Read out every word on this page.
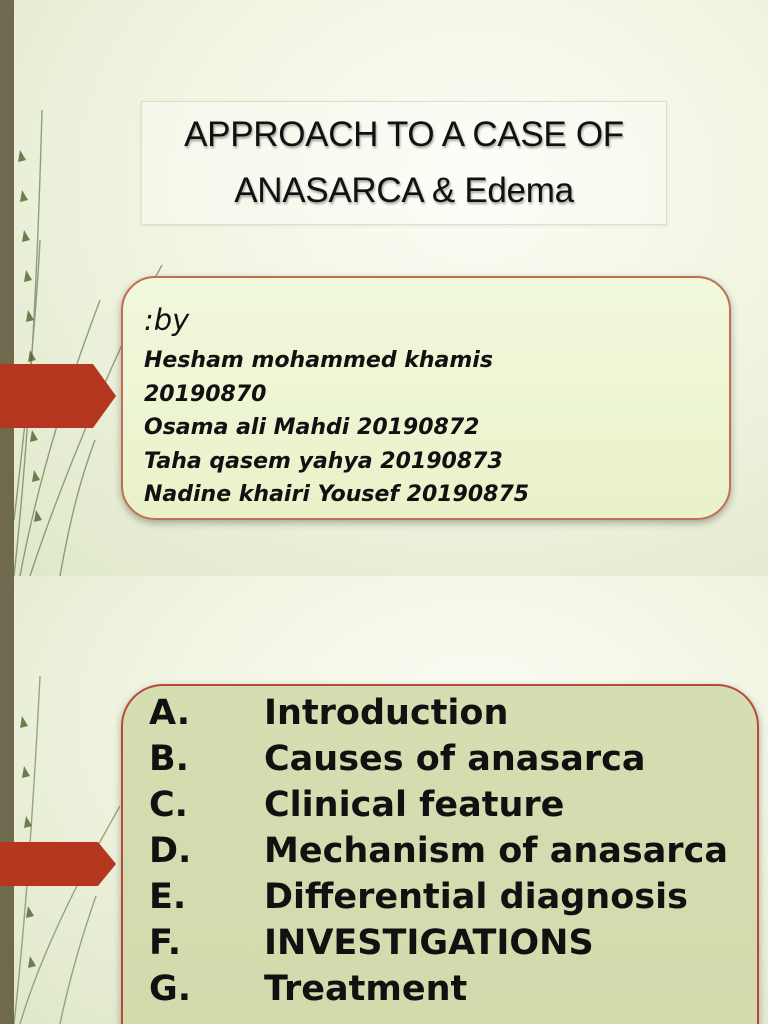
APPROACH TO A CASE OF
ANASARCA & Edema
:by
Hesham mohammed khamis
20190870
Osama ali Mahdi 20190872
Taha qasem yahya 20190873
Nadine khairi Yousef 20190875
A.	Introduction
B.	Causes of anasarca
C.	Clinical feature
D.	Mechanism of anasarca
E.	Differential diagnosis
F.	INVESTIGATIONS
G.	Treatment
